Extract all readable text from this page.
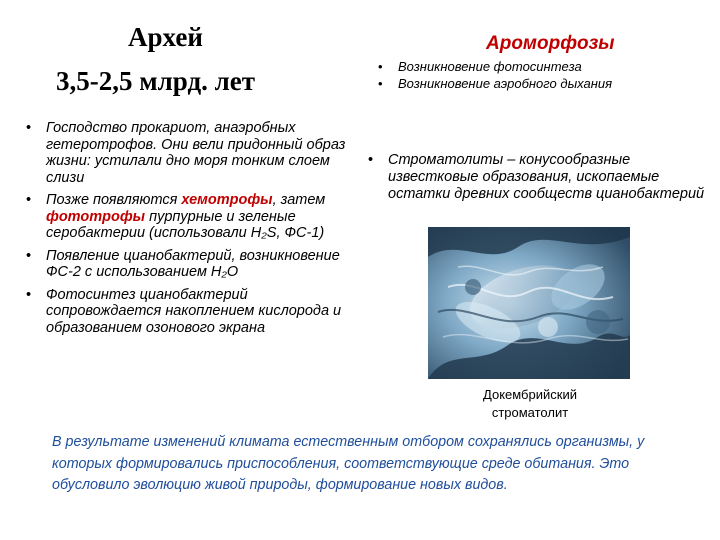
Архей
3,5-2,5 млрд. лет
Ароморфозы
• Возникновение фотосинтеза
• Возникновение аэробного дыхания
• Господство прокариот, анаэробных гетеротрофов. Они вели придонный образ жизни: устилали дно моря тонким слоем слизи
• Позже появляются хемотрофы, затем фототрофы пурпурные и зеленые серобактерии (использовали H₂S, ФС-1)
• Появление цианобактерий, возникновение ФС-2 с использованием H₂O
• Фотосинтез цианобактерий сопровождается накоплением кислорода и образованием озонового экрана
• Строматолиты – конусообразные известковые образования, ископаемые остатки древних сообществ цианобактерий
Докембрийский
строматолит
В результате изменений климата естественным отбором сохранялись организмы, у которых формировались приспособления, соответствующие среде обитания. Это обусловило эволюцию живой природы, формирование новых видов.
